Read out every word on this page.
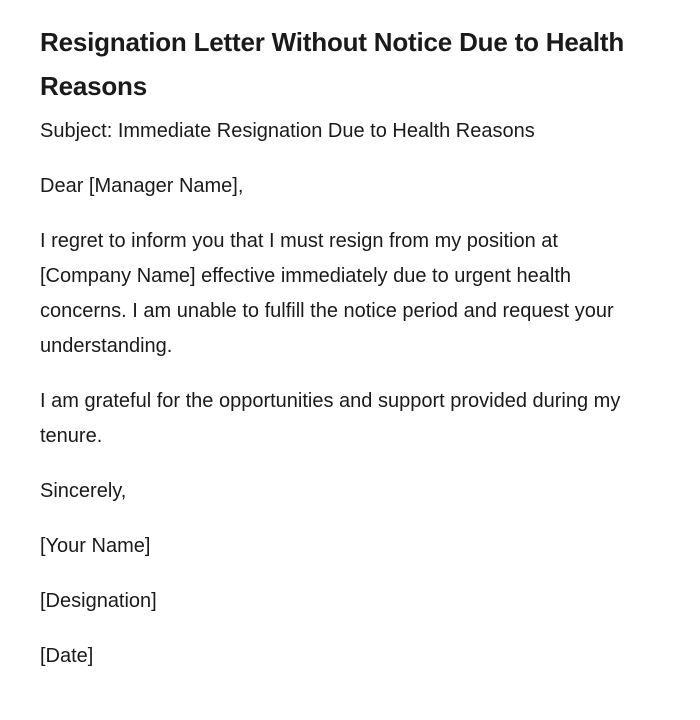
Resignation Letter Without Notice Due to Health Reasons

Subject: Immediate Resignation Due to Health Reasons

Dear [Manager Name],

I regret to inform you that I must resign from my position at [Company Name] effective immediately due to urgent health concerns. I am unable to fulfill the notice period and request your understanding.

I am grateful for the opportunities and support provided during my tenure.

Sincerely,

[Your Name]

[Designation]

[Date]
